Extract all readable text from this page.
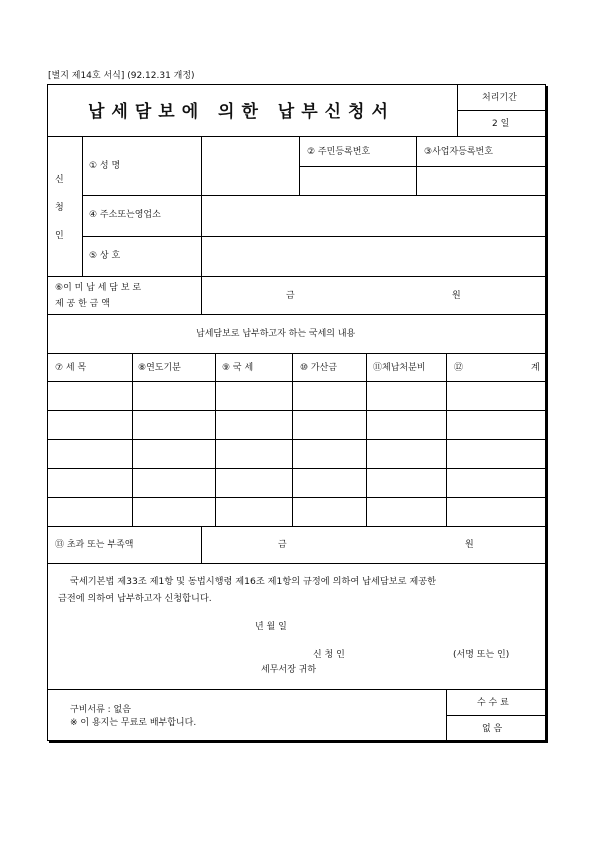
[별지 제14호 서식] (92.12.31 개정)
납세담보에 의한 납부신청서
처리기간
2 일
신
청
인
① 성 명
② 주민등록번호	③사업자등록번호
④ 주소또는영업소
⑤ 상 호
⑥이 미 납 세 담 보 로
제 공 한 금 액
금	원
납세담보로 납부하고자 하는 국세의 내용
⑦ 세 목	⑧연도기분	⑨ 국 세	⑩ 가산금	⑪체납처분비	⑫	계
⑬ 초과 또는 부족액	금	원
국세기본법 제33조 제1항 및 동법시행령 제16조 제1항의 규정에 의하여 납세담보로 제공한
금전에 의하여 납부하고자 신청합니다.
년 월 일
신 청 인	(서명 또는 인)
세무서장 귀하
구비서류 : 없음
※ 이 용지는 무료로 배부합니다.
수 수 료
없 음
